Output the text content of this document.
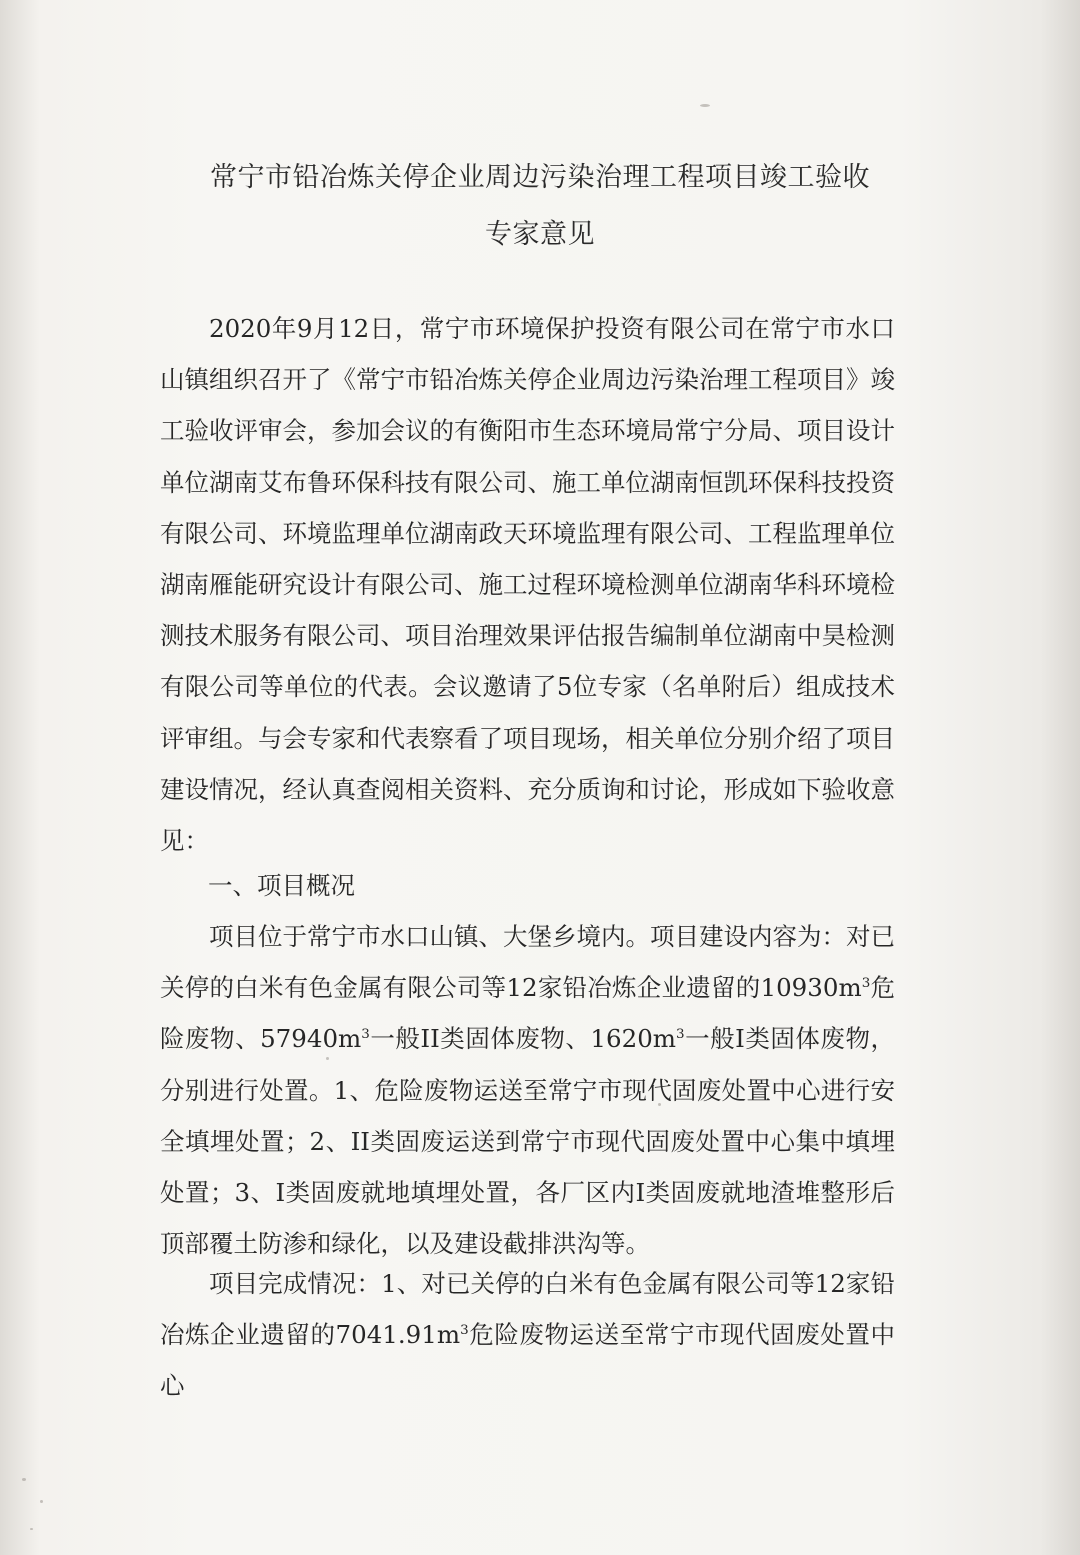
常宁市铅冶炼关停企业周边污染治理工程项目竣工验收
专家意见

2020年9月12日，常宁市环境保护投资有限公司在常宁市水口山镇组织召开了《常宁市铅冶炼关停企业周边污染治理工程项目》竣工验收评审会，参加会议的有衡阳市生态环境局常宁分局、项目设计单位湖南艾布鲁环保科技有限公司、施工单位湖南恒凯环保科技投资有限公司、环境监理单位湖南政天环境监理有限公司、工程监理单位湖南雁能研究设计有限公司、施工过程环境检测单位湖南华科环境检测技术服务有限公司、项目治理效果评估报告编制单位湖南中昊检测有限公司等单位的代表。会议邀请了5位专家（名单附后）组成技术评审组。与会专家和代表察看了项目现场，相关单位分别介绍了项目建设情况，经认真查阅相关资料、充分质询和讨论，形成如下验收意见：

一、项目概况

项目位于常宁市水口山镇、大堡乡境内。项目建设内容为：对已关停的白米有色金属有限公司等12家铅冶炼企业遗留的$10930m^3$危险废物、$57940m^3$一般II类固体废物、$1620m^3$一般I类固体废物，分别进行处置。1、危险废物运送至常宁市现代固废处置中心进行安全填埋处置；2、II类固废运送到常宁市现代固废处置中心集中填埋处置；3、I类固废就地填埋处置，各厂区内I类固废就地渣堆整形后顶部覆土防渗和绿化，以及建设截排洪沟等。

项目完成情况：1、对已关停的白米有色金属有限公司等12家铅冶炼企业遗留的$7041.91m^3$危险废物运送至常宁市现代固废处置中心
